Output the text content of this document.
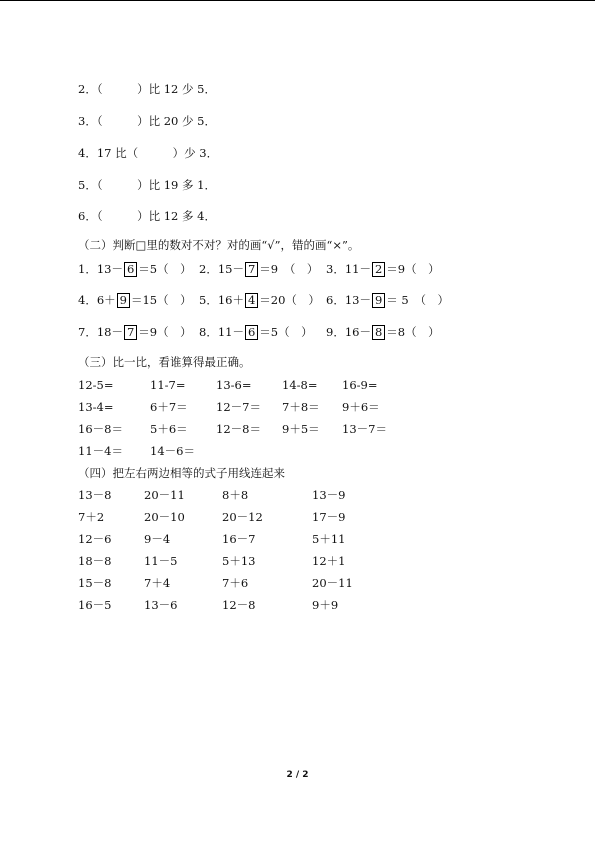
2．（　　　）比 12 少 5．
3．（　　　）比 20 少 5．
4．17 比（　　　）少 3．
5．（　　　）比 19 多 1．
6．（　　　）比 12 多 4．
（二）判断□里的数对不对？对的画“√”，错的画“×”。
1．13－ 6 ＝5（　） 2．15－ 7 ＝9　（　） 3．11－ 2 ＝9（　）
4．6＋ 9 ＝15（　） 5．16＋ 4 ＝20（　） 6．13－ 9 ＝ 5　（　）
7．18－ 7 ＝9（　） 8．11－ 6 ＝5（　） 9．16－ 8 ＝8（　）
（三）比一比，看谁算得最正确。
12-5=	11-7=	13-6=	14-8= 16-9=
13-4=	6＋7＝ 12－7＝ 7＋8＝ 9＋6＝
16－8＝ 5＋6＝ 12－8＝ 9＋5＝ 13－7＝
11－4＝ 14－6＝
（四）把左右两边相等的式子用线连起来
13－8	20－11	8＋8	13－9
7＋2	20－10	20－12	17－9
12－6	9－4	16－7	5＋11
18－8	11－5	5＋13	12＋1
15－8	7＋4	7＋6	20－11
16－5	13－6	12－8	9＋9
2 / 2
